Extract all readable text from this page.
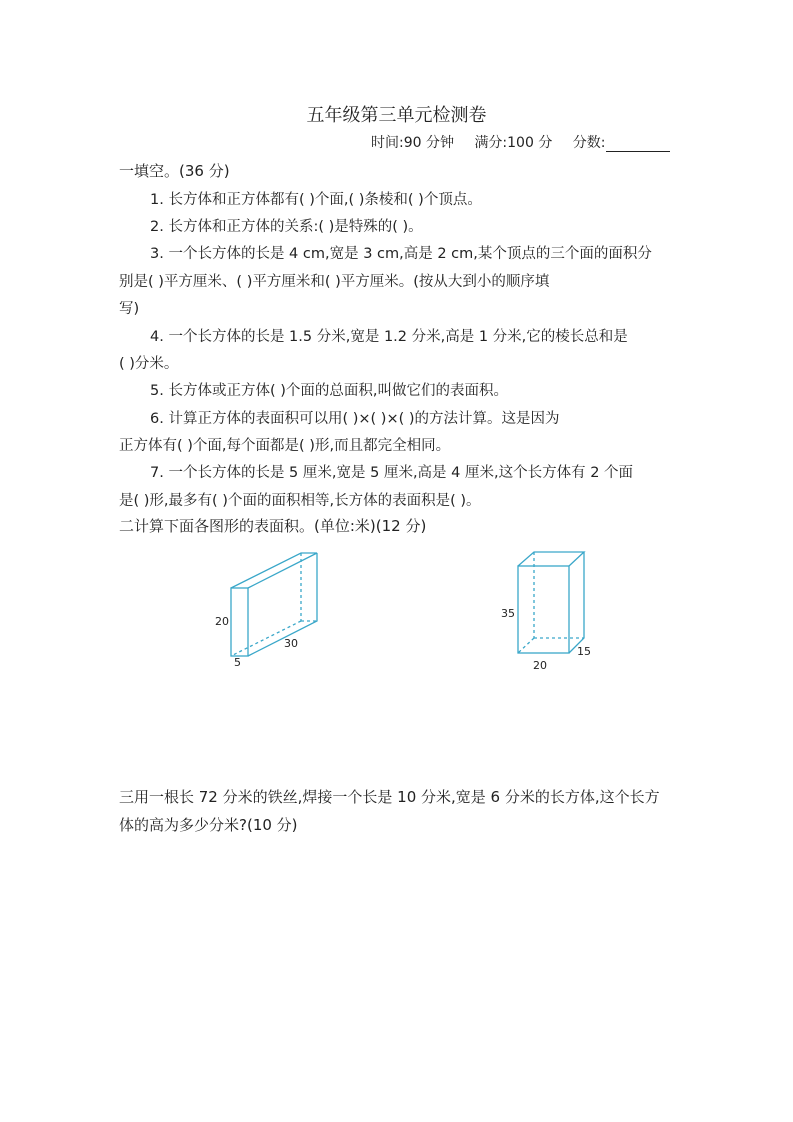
五年级第三单元检测卷
时间:90 分钟 满分:100 分 分数:
一填空。(36 分)
1. 长方体和正方体都有( )个面,( )条棱和( )个顶点。
2. 长方体和正方体的关系:( )是特殊的( )。
3. 一个长方体的长是 4 cm,宽是 3 cm,高是 2 cm,某个顶点的三个面的面积分
别是( )平方厘米、( )平方厘米和( )平方厘米。(按从大到小的顺序填
写)
4. 一个长方体的长是 1.5 分米,宽是 1.2 分米,高是 1 分米,它的棱长总和是
( )分米。
5. 长方体或正方体( )个面的总面积,叫做它们的表面积。
6. 计算正方体的表面积可以用( )×( )×( )的方法计算。这是因为
正方体有( )个面,每个面都是( )形,而且都完全相同。
7. 一个长方体的长是 5 厘米,宽是 5 厘米,高是 4 厘米,这个长方体有 2 个面
是( )形,最多有( )个面的面积相等,长方体的表面积是( )。
二计算下面各图形的表面积。(单位:米)(12 分)
20
30
5
35
20
15
三用一根长 72 分米的铁丝,焊接一个长是 10 分米,宽是 6 分米的长方体,这个长方
体的高为多少分米?(10 分)
